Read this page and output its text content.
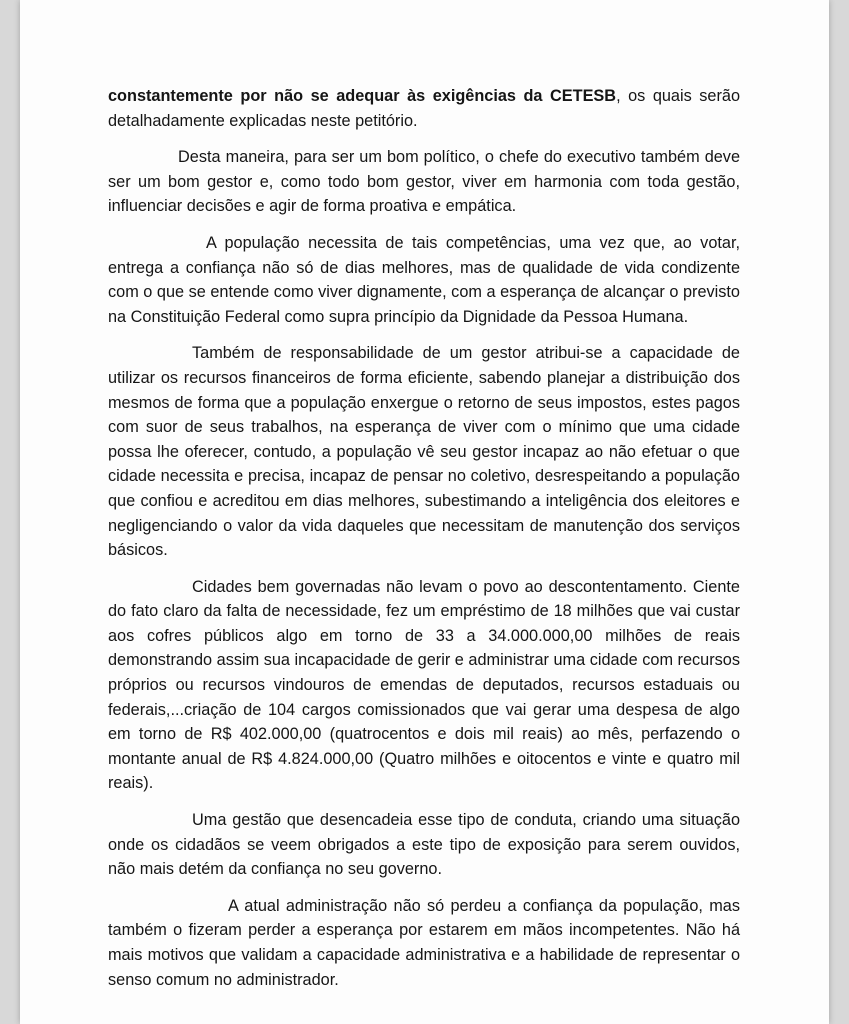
constantemente por não se adequar às exigências da CETESB, os quais serão detalhadamente explicadas neste petitório.

Desta maneira, para ser um bom político, o chefe do executivo também deve ser um bom gestor e, como todo bom gestor, viver em harmonia com toda gestão, influenciar decisões e agir de forma proativa e empática.

A população necessita de tais competências, uma vez que, ao votar, entrega a confiança não só de dias melhores, mas de qualidade de vida condizente com o que se entende como viver dignamente, com a esperança de alcançar o previsto na Constituição Federal como supra princípio da Dignidade da Pessoa Humana.

Também de responsabilidade de um gestor atribui-se a capacidade de utilizar os recursos financeiros de forma eficiente, sabendo planejar a distribuição dos mesmos de forma que a população enxergue o retorno de seus impostos, estes pagos com suor de seus trabalhos, na esperança de viver com o mínimo que uma cidade possa lhe oferecer, contudo, a população vê seu gestor incapaz ao não efetuar o que cidade necessita e precisa, incapaz de pensar no coletivo, desrespeitando a população que confiou e acreditou em dias melhores, subestimando a inteligência dos eleitores e negligenciando o valor da vida daqueles que necessitam de manutenção dos serviços básicos.

Cidades bem governadas não levam o povo ao descontentamento. Ciente do fato claro da falta de necessidade, fez um empréstimo de 18 milhões que vai custar aos cofres públicos algo em torno de 33 a 34.000.000,00 milhões de reais demonstrando assim sua incapacidade de gerir e administrar uma cidade com recursos próprios ou recursos vindouros de emendas de deputados, recursos estaduais ou federais,...criação de 104 cargos comissionados que vai gerar uma despesa de algo em torno de R$ 402.000,00 (quatrocentos e dois mil reais) ao mês, perfazendo o montante anual de R$ 4.824.000,00 (Quatro milhões e oitocentos e vinte e quatro mil reais).

Uma gestão que desencadeia esse tipo de conduta, criando uma situação onde os cidadãos se veem obrigados a este tipo de exposição para serem ouvidos, não mais detém da confiança no seu governo.

A atual administração não só perdeu a confiança da população, mas também o fizeram perder a esperança por estarem em mãos incompetentes. Não há mais motivos que validam a capacidade administrativa e a habilidade de representar o senso comum no administrador.
